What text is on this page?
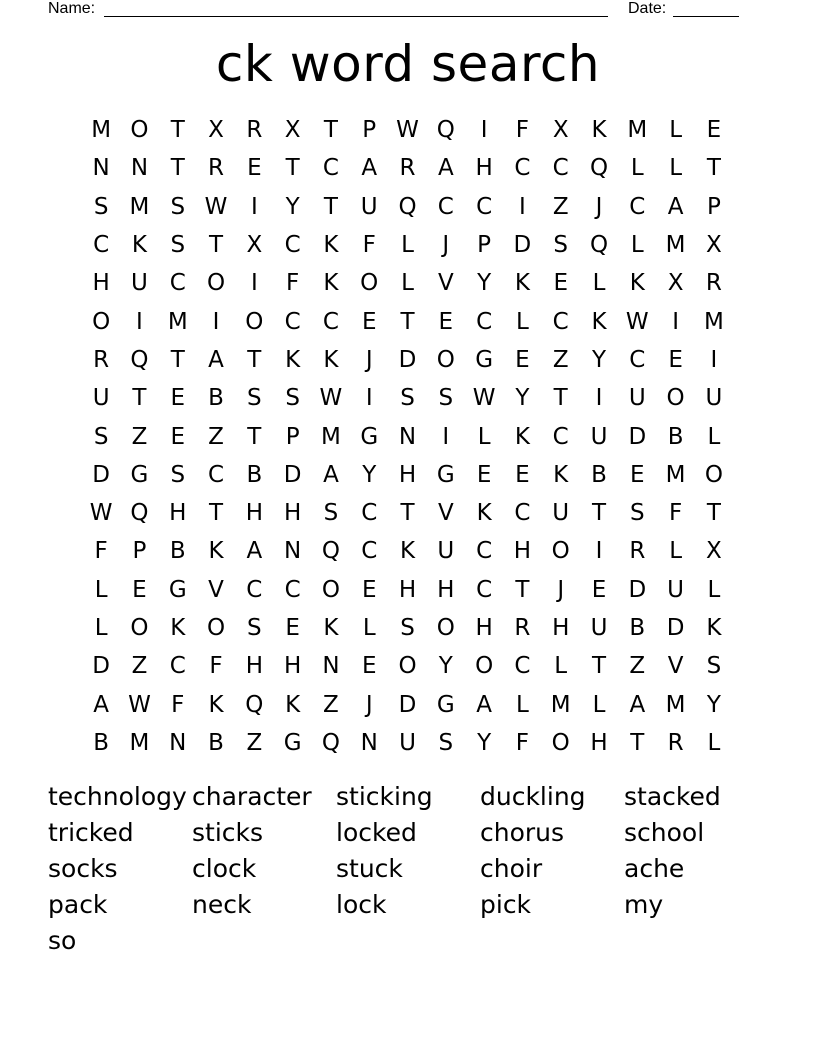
Name:	Date:
ck word search
M O T	X R X	T	P W Q	I	F	X K M L	E
N N T	R	E	T	C A R A H C C Q L	L	T
S M S W	I	Y	T U Q C C	I	Z	J	C A	P
C K	S	T	X C K	F	L	J	P D S Q L M X
H U C O	I	F	K O L	V	Y	K	E	L	K X R
O	I	M	I	O C C	E	T	E C	L	C K W	I	M
R Q T	A	T	K	K	J	D O G E	Z	Y	C	E	I
U T	E	B	S	S W	I	S	S W Y	T	I	U O U
S	Z	E	Z	T	P M G N	I	L	K C U D B	L
D G S C B D A	Y H G E	E	K B	E M O
W Q H T H H S C	T	V K C U T	S	F	T
F	P	B K A N Q C K U C H O	I	R	L	X
L	E G V C C O E H H C	T	J	E D U	L
L O K O S	E	K	L	S O H R H U B D K
D Z C	F	H H N E O Y O C	L	T	Z V	S
A W F	K Q K Z	J	D G A	L M L	A M Y
B M N B Z G Q N U S	Y	F O H T	R	L
technology character sticking	duckling	stacked
tricked	sticks	locked	chorus	school
socks	clock	stuck	choir	ache
pack	neck	lock	pick	my
so
